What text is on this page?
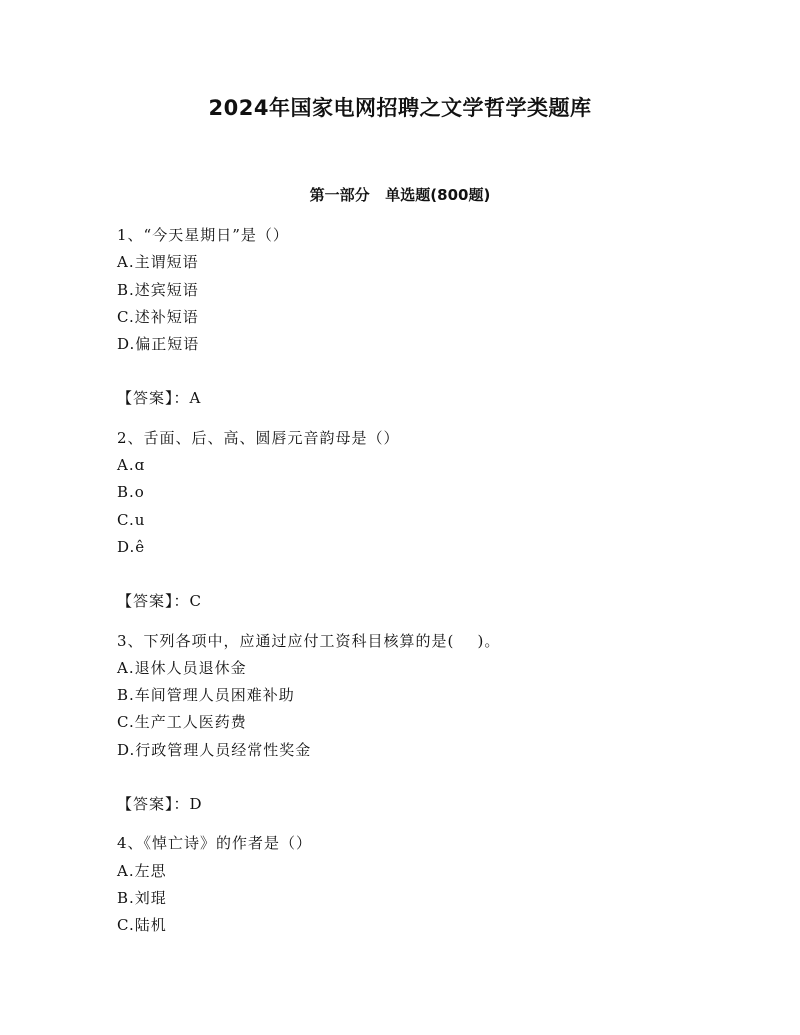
2024年国家电网招聘之文学哲学类题库
第一部分   单选题(800题)
1、“今天星期日”是（）
A.主谓短语
B.述宾短语
C.述补短语
D.偏正短语
【答案】：A
2、舌面、后、高、圆唇元音韵母是（）
A.ɑ
B.o
C.u
D.ê
【答案】：C
3、下列各项中，应通过应付工资科目核算的是(    )。
A.退休人员退休金
B.车间管理人员困难补助
C.生产工人医药费
D.行政管理人员经常性奖金
【答案】：D
4、《悼亡诗》的作者是（）
A.左思
B.刘琨
C.陆机
